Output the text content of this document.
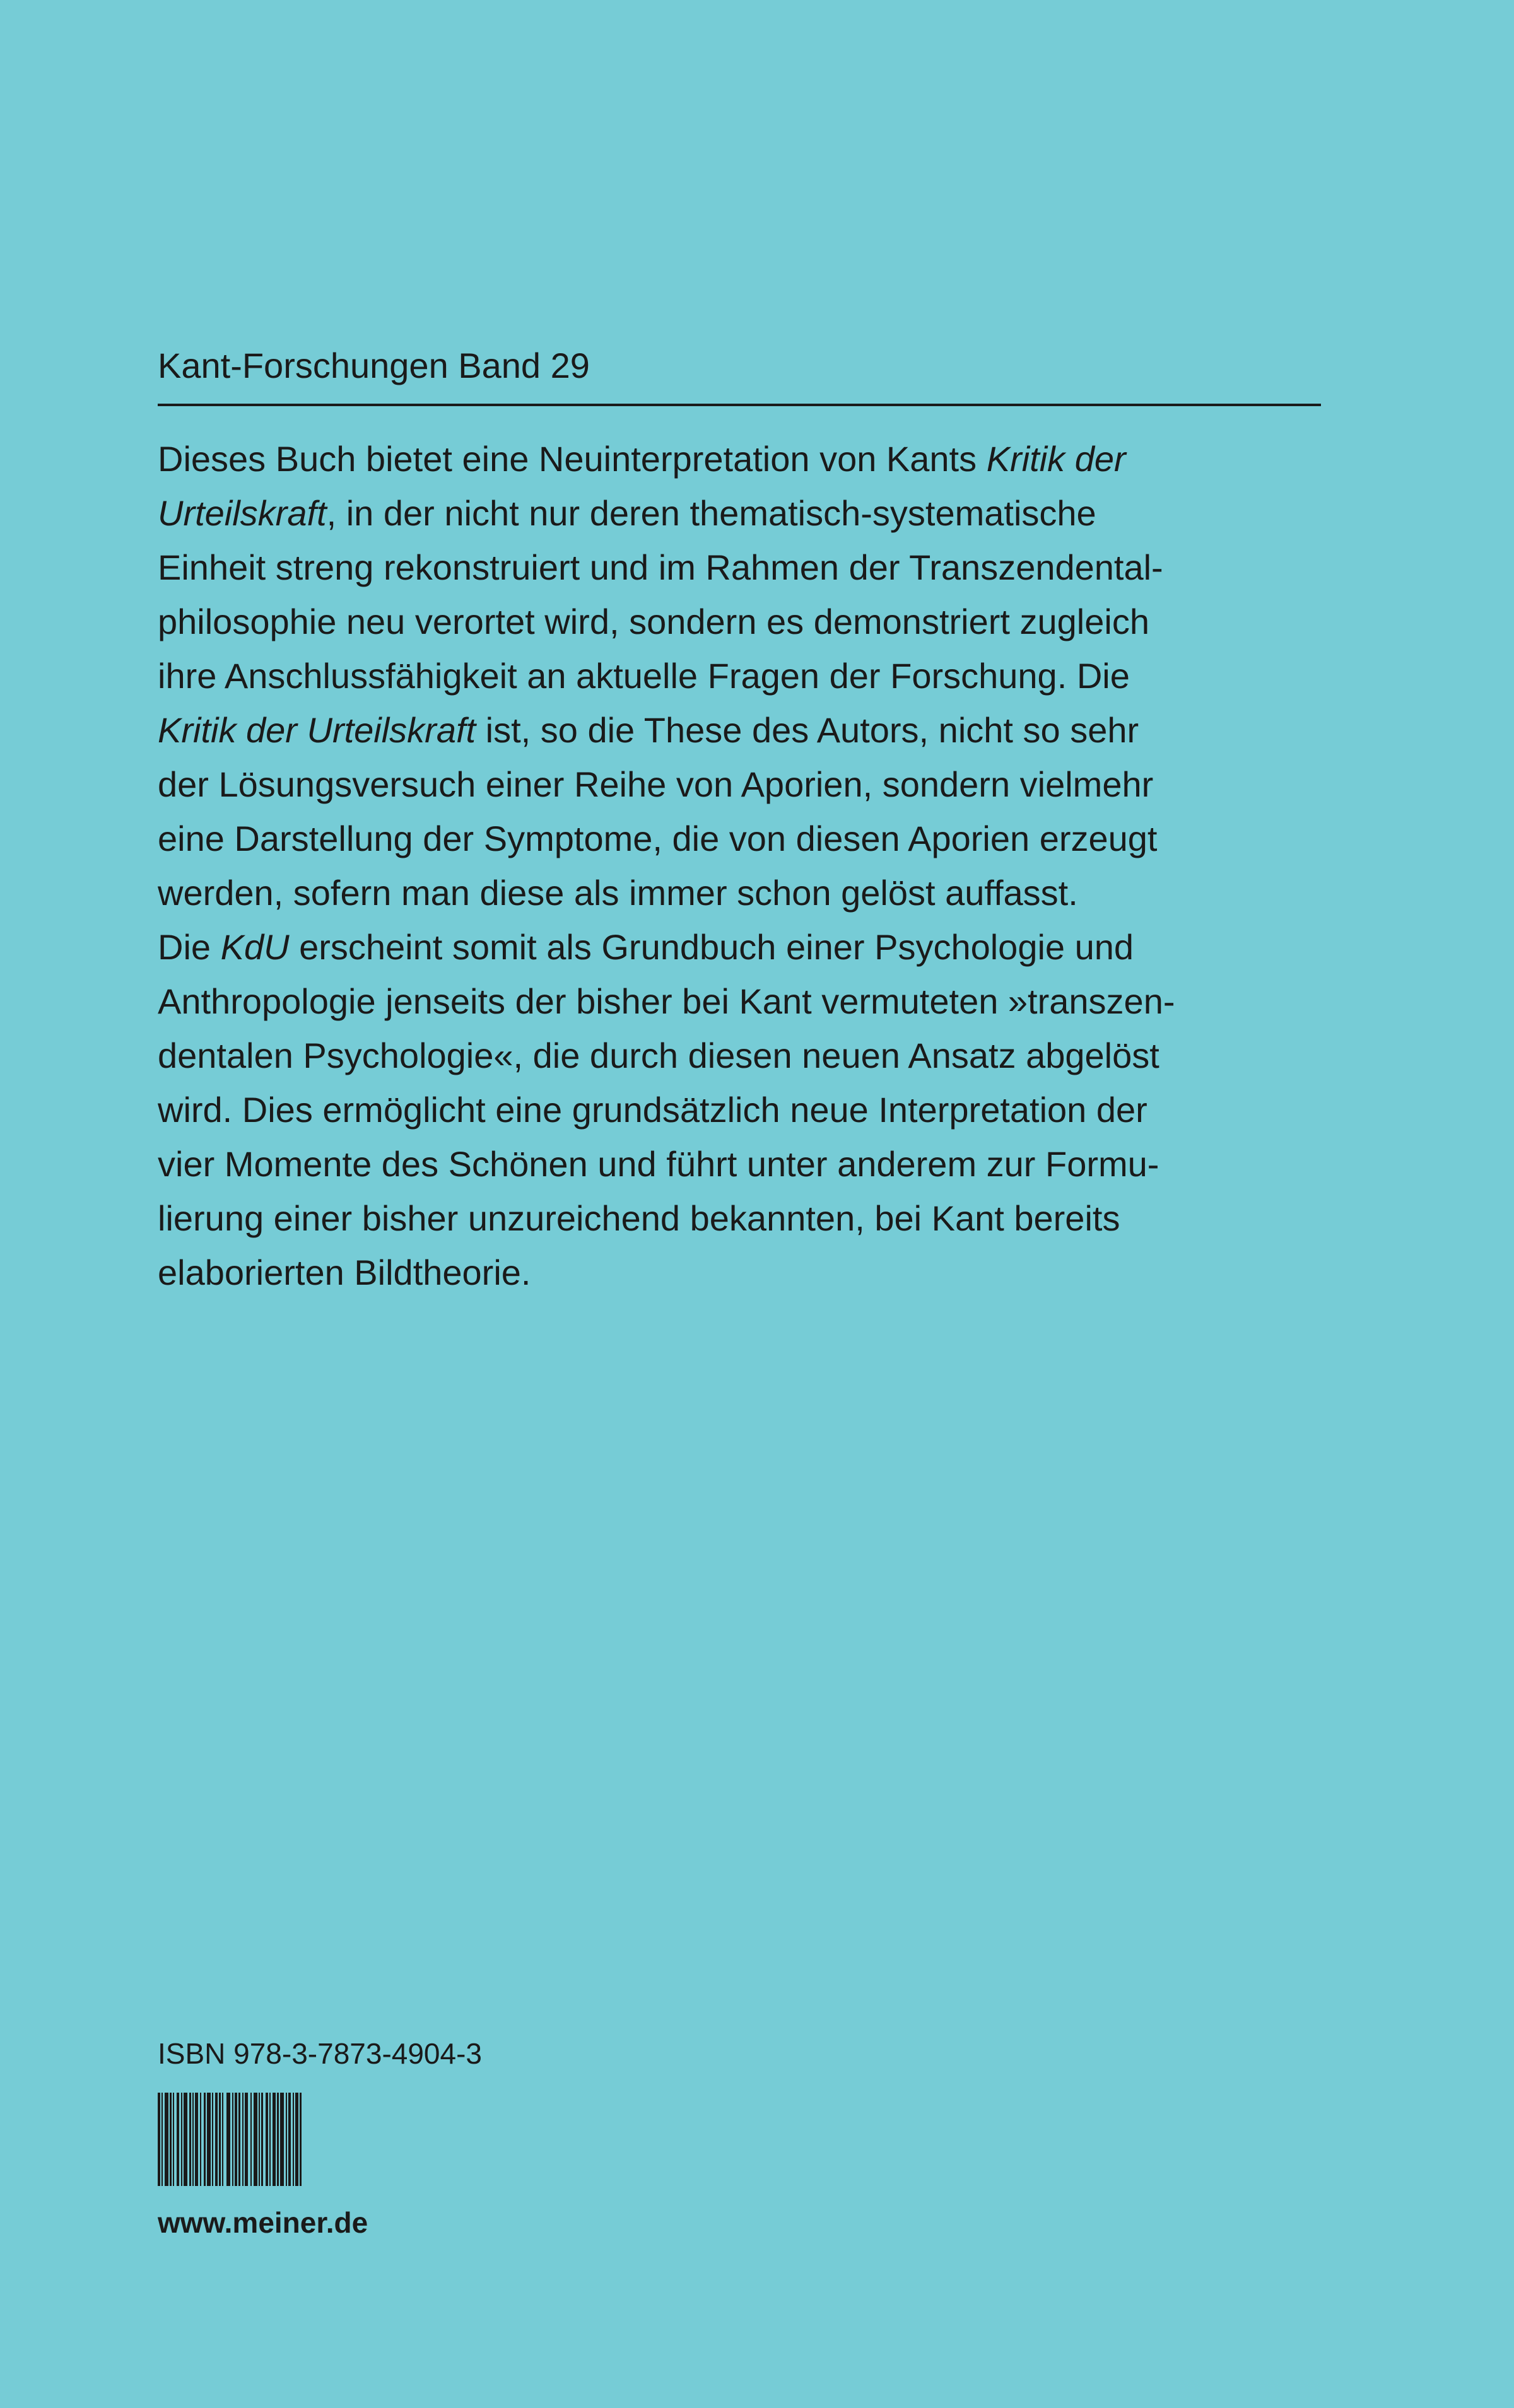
Kant-Forschungen Band 29
Dieses Buch bietet eine Neuinterpretation von Kants Kritik der
Urteilskraft, in der nicht nur deren thematisch-systematische
Einheit streng rekonstruiert und im Rahmen der Transzendental-
philosophie neu verortet wird, sondern es demonstriert zugleich
ihre Anschlussfähigkeit an aktuelle Fragen der Forschung. Die
Kritik der Urteilskraft ist, so die These des Autors, nicht so sehr
der Lösungsversuch einer Reihe von Aporien, sondern vielmehr
eine Darstellung der Symptome, die von diesen Aporien erzeugt
werden, sofern man diese als immer schon gelöst auffasst.
Die KdU erscheint somit als Grundbuch einer Psychologie und
Anthropologie jenseits der bisher bei Kant vermuteten »transzen-
dentalen Psychologie«, die durch diesen neuen Ansatz abgelöst
wird. Dies ermöglicht eine grundsätzlich neue Interpretation der
vier Momente des Schönen und führt unter anderem zur Formu-
lierung einer bisher unzureichend bekannten, bei Kant bereits
elaborierten Bildtheorie.
ISBN 978-3-7873-4904-3
www.meiner.de
